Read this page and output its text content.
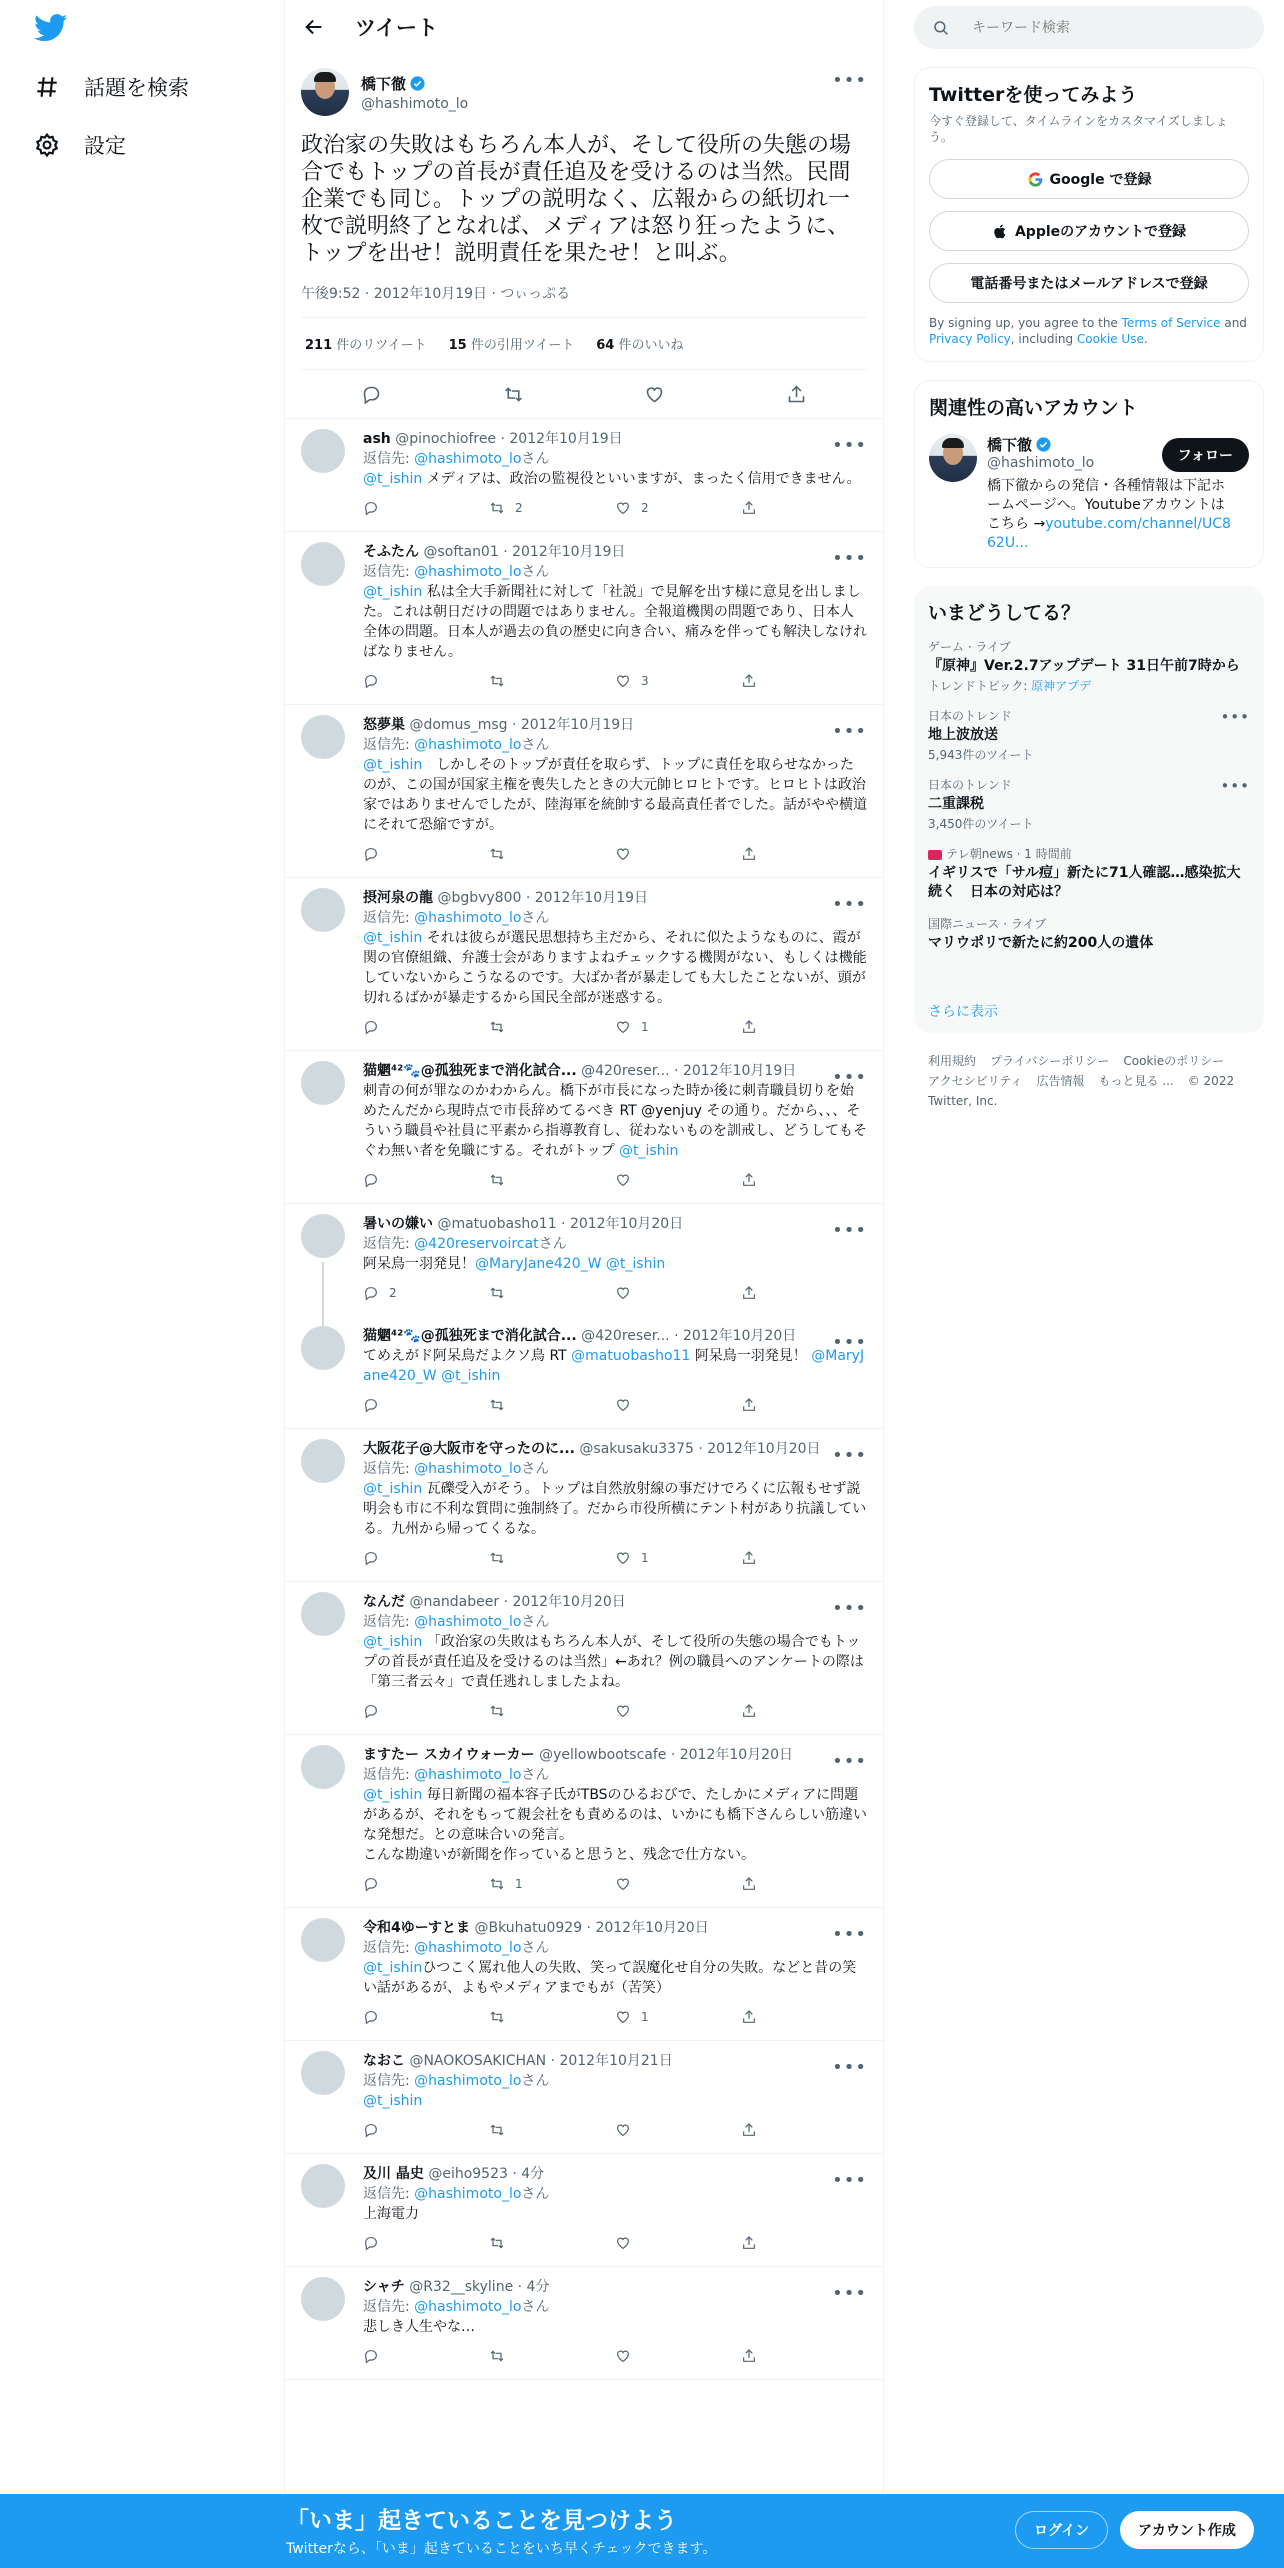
話題を検索
設定
ツイート
橋下徹
@hashimoto_lo
•••
政治家の失敗はもちろん本人が、そして役所の失態の場合でもトップの首長が責任追及を受けるのは当然。民間企業でも同じ。トップの説明なく、広報からの紙切れ一枚で説明終了となれば、メディアは怒り狂ったように、トップを出せ！説明責任を果たせ！と叫ぶ。
午後9:52 · 2012年10月19日 · つぃっぷる
211 件のリツイート 15 件の引用ツイート 64 件のいいね
ash @pinochiofree · 2012年10月19日	•••
返信先: @hashimoto_loさん
@t_ishin メディアは、政治の監視役といいますが、まったく信用できません。
2	2
そふたん @softan01 · 2012年10月19日	•••
返信先: @hashimoto_loさん
@t_ishin 私は全大手新聞社に対して「社説」で見解を出す様に意見を出しました。これは朝日だけの問題ではありません。全報道機関の問題であり、日本人全体の問題。日本人が過去の負の歴史に向き合い、痛みを伴っても解決しなければなりません。
3
怒夢巣 @domus_msg · 2012年10月19日	•••
返信先: @hashimoto_loさん
@t_ishin　しかしそのトップが責任を取らず、トップに責任を取らせなかったのが、この国が国家主権を喪失したときの大元帥ヒロヒトです。ヒロヒトは政治家ではありませんでしたが、陸海軍を統帥する最高責任者でした。話がやや横道にそれて恐縮ですが。
摂河泉の龍 @bgbvy800 · 2012年10月19日	•••
返信先: @hashimoto_loさん
@t_ishin それは彼らが選民思想持ち主だから、それに似たようなものに、霞が関の官僚組織、弁護士会がありますよねチェックする機関がない、もしくは機能していないからこうなるのです。大ばか者が暴走しても大したことないが、頭が切れるばかが暴走するから国民全部が迷惑する。
1
猫魍⁴²🐾@孤独死まで消化試合... @420reser... · 2012年10月19日	•••
刺青の何が罪なのかわからん。橋下が市長になった時か後に刺青職員切りを始めたんだから現時点で市長辞めてるべき RT @yenjuy その通り。だから、、、そういう職員や社員に平素から指導教育し、従わないものを訓戒し、どうしてもそぐわ無い者を免職にする。それがトップ @t_ishin
暑いの嫌い @matuobasho11 · 2012年10月20日	•••
返信先: @420reservoircatさん
阿呆鳥一羽発見！@MaryJane420_W @t_ishin
2
猫魍⁴²🐾@孤独死まで消化試合... @420reser... · 2012年10月20日	•••
てめえがド阿呆鳥だよクソ鳥 RT @matuobasho11 阿呆鳥一羽発見！ @MaryJane420_W @t_ishin
大阪花子@大阪市を守ったのに... @sakusaku3375 · 2012年10月20日 •••
返信先: @hashimoto_loさん
@t_ishin 瓦礫受入がそう。トップは自然放射線の事だけでろくに広報もせず説明会も市に不利な質問に強制終了。だから市役所横にテント村があり抗議している。九州から帰ってくるな。
1
なんだ @nandabeer · 2012年10月20日	•••
返信先: @hashimoto_loさん
@t_ishin 「政治家の失敗はもちろん本人が、そして役所の失態の場合でもトップの首長が責任追及を受けるのは当然」←あれ？例の職員へのアンケートの際は「第三者云々」で責任逃れしましたよね。
ますたー スカイウォーカー @yellowbootscafe · 2012年10月20日	•••
返信先: @hashimoto_loさん
@t_ishin 毎日新聞の福本容子氏がTBSのひるおびで、たしかにメディアに問題があるが、それをもって親会社をも責めるのは、いかにも橋下さんらしい筋違いな発想だ。との意味合いの発言。
こんな勘違いが新聞を作っていると思うと、残念で仕方ない。
1
令和4ゆーすとま @Bkuhatu0929 · 2012年10月20日	•••
返信先: @hashimoto_loさん
@t_ishinひつこく罵れ他人の失敗、笑って誤魔化せ自分の失敗。などと昔の笑い話があるが、よもやメディアまでもが（苦笑）
1
なおこ @NAOKOSAKICHAN · 2012年10月21日	•••
返信先: @hashimoto_loさん
@t_ishin
及川 晶史 @eiho9523 · 4分	•••
返信先: @hashimoto_loさん
上海電力
シャチ @R32__skyline · 4分	•••
返信先: @hashimoto_loさん
悲しき人生やな…
キーワード検索
Twitterを使ってみよう
今すぐ登録して、タイムラインをカスタマイズしましょう。
Google で登録
Appleのアカウントで登録
電話番号またはメールアドレスで登録
By signing up, you agree to the Terms of Service and Privacy Policy, including Cookie Use.
関連性の高いアカウント
橋下徹
@hashimoto_lo
橋下徹からの発信・各種情報は下記ホームページへ。Youtubeアカウントはこちら →youtube.com/channel/UC862U...
フォロー
いまどうしてる？
ゲーム · ライブ
『原神』Ver.2.7アップデート 31日午前7時から
トレンドトピック: 原神アプデ
日本のトレンド
地上波放送
5,943件のツイート
•••
日本のトレンド
二重課税
3,450件のツイート
•••
テレ朝news · 1 時間前
イギリスで「サル痘」新たに71人確認…感染拡大続く　日本の対応は？
国際ニュース · ライブ
マリウポリで新たに約200人の遺体
さらに表示
利用規約 プライバシーポリシー Cookieのポリシーアクセシビリティ 広告情報 もっと見る ... © 2022 Twitter, Inc.
「いま」起きていることを見つけよう
Twitterなら、「いま」起きていることをいち早くチェックできます。
ログイン	アカウント作成
